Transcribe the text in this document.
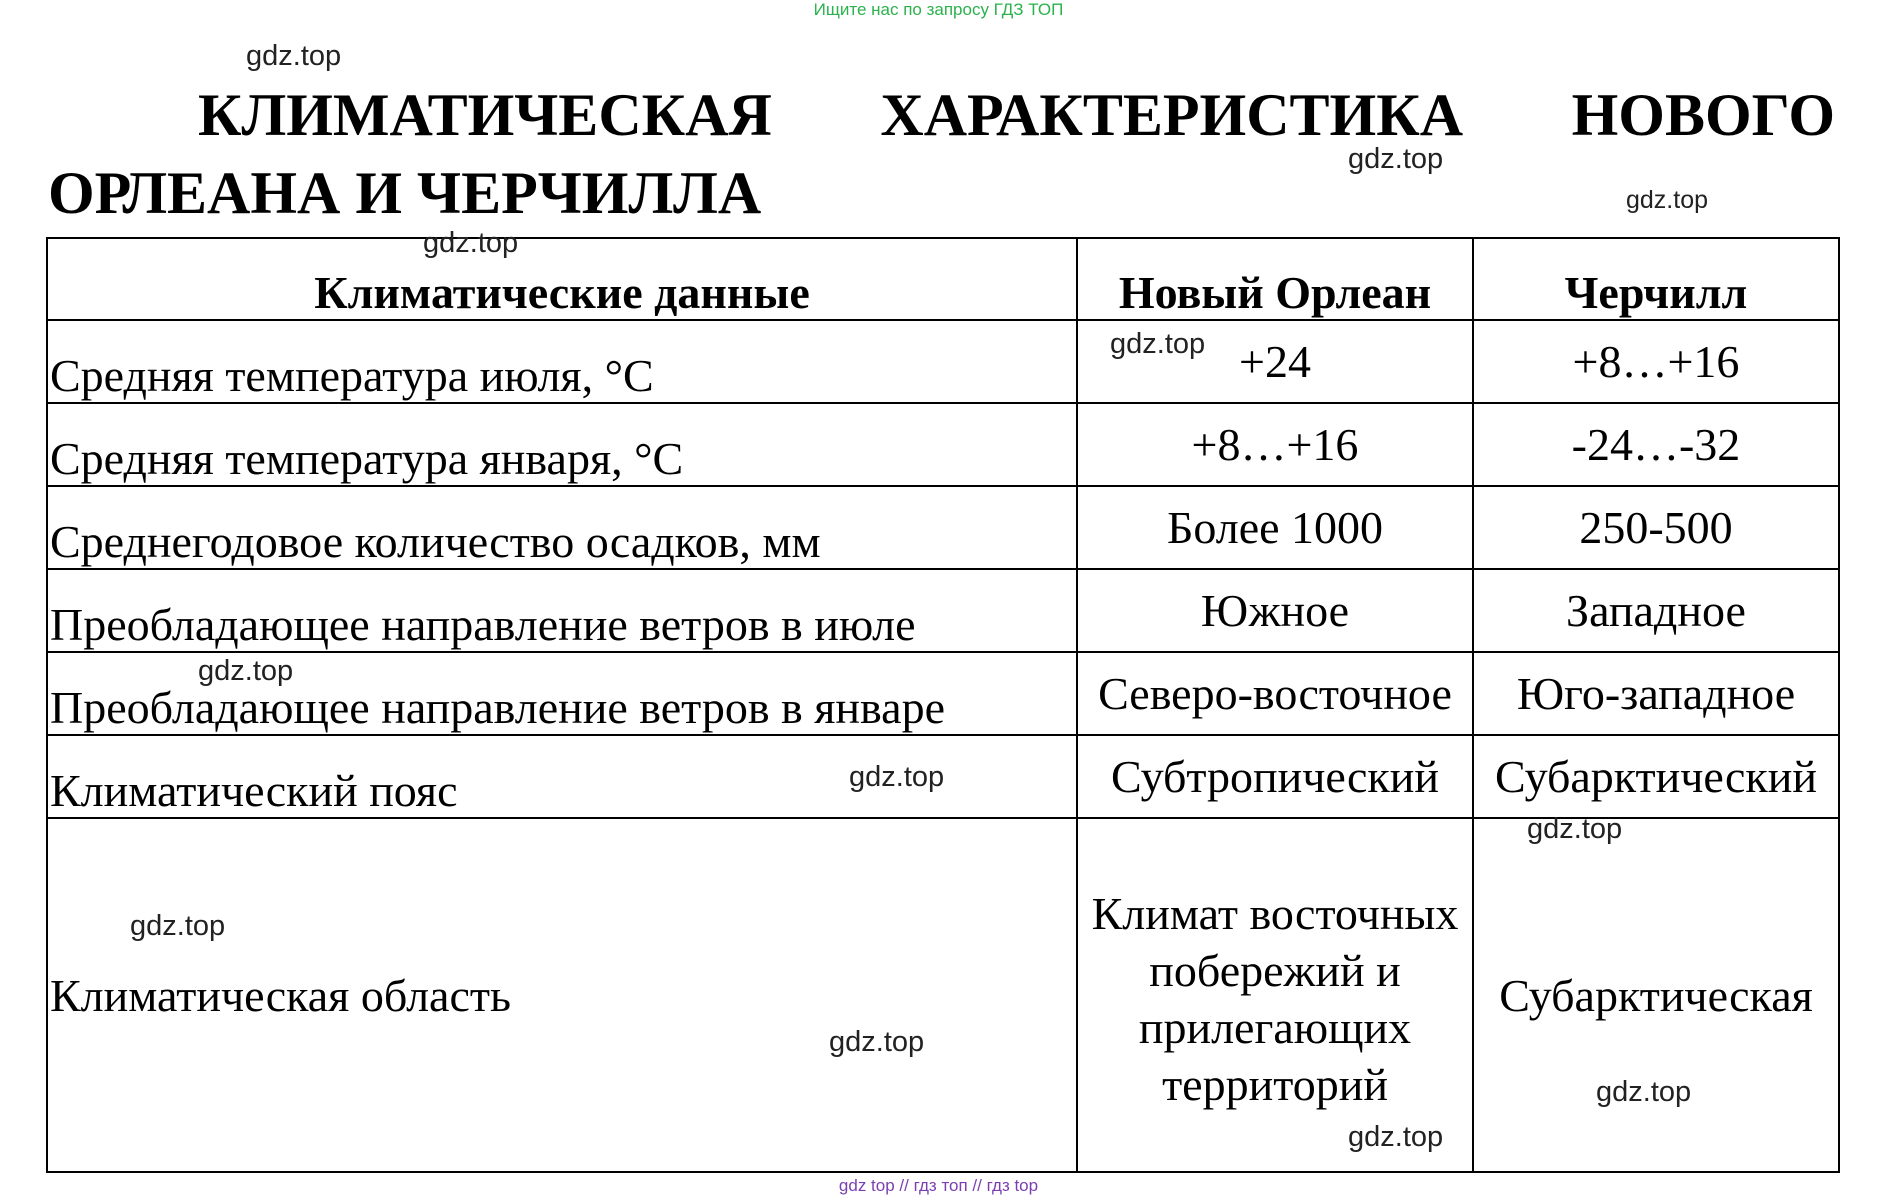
Ищите нас по запросу ГДЗ ТОП
КЛИМАТИЧЕСКАЯ ХАРАКТЕРИСТИКА НОВОГО ОРЛЕАНА И ЧЕРЧИЛЛА
Климатические данные	Новый Орлеан	Черчилл
Средняя температура июля, °С	+24	+8…+16
Средняя температура января, °С	+8…+16	-24…-32
Среднегодовое количество осадков, мм	Более 1000	250-500
Преобладающее направление ветров в июле	Южное	Западное
Преобладающее направление ветров в январе	Северо-восточное	Юго-западное
Климатический пояс	Субтропический	Субарктический
Климатическая область	Климат восточных побережий и прилегающих территорий	Субарктическая
gdz.top
gdz.top
gdz.top
gdz.top
gdz.top
gdz.top
gdz.top
gdz.top
gdz.top
gdz.top
gdz.top
gdz.top
gdz top // гдз топ // гдз top
